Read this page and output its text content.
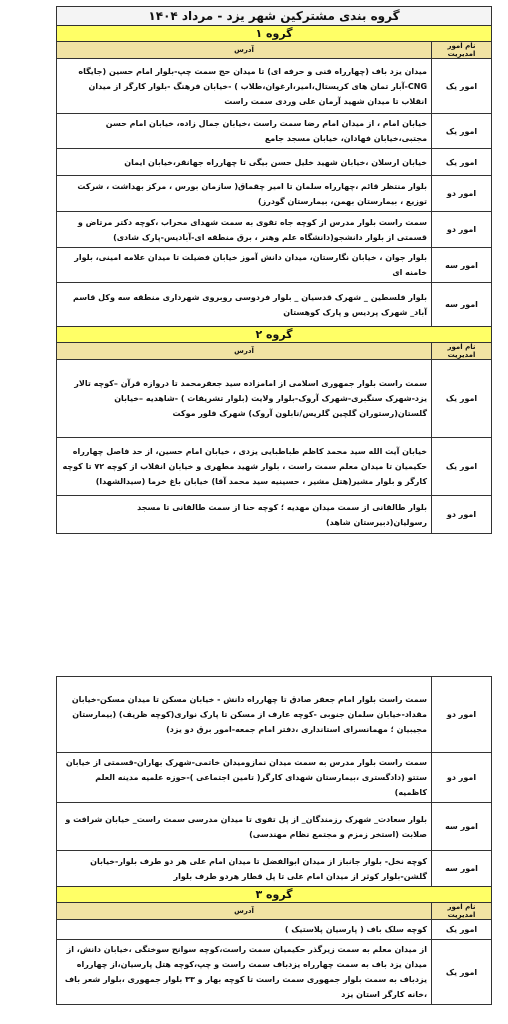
گروه بندی مشترکین شهر یزد - مرداد ۱۴۰۴	
گروه ۱	
نام امور امدیریت	آدرس
امور یک	میدان یزد باف (چهارراه فنی و حرفه ای) تا میدان حج سمت چپ-بلوار امام حسین (جایگاه CNG-آبار تمان های کریستال،امیر،ارغوان،طلاب ) -خیابان فرهنگ -بلوار کارگر از میدان انقلاب تا میدان شهید آرمان علی وردی سمت راست
امور یک	خیابان امام ، از میدان امام رضا سمت راست ،خیابان جمال زاده، خیابان امام حسن مجتبی،خیابان فهادان، خیابان مسجد جامع
امور یک	خیابان ارسلان ،خیابان شهید خلیل حسن بیگی تا چهارراه جهانقر،خیابان ایمان
امور دو	بلوار منتظر قائم ،چهارراه سلمان تا امیر چقماق( سازمان بورس ، مرکز بهداشت ، شرکت توزیع ، بیمارستان بهمن، بیمارستان گودرز)
امور دو	سمت راست بلوار مدرس از کوچه جاه تقوی به سمت شهدای محراب ،کوچه دکتر مرتاض و قسمتی از بلوار دانشجو(دانشگاه علم وهنر ، برق منطقه ای-آبادیس-پارک شادی)
امور سه	بلوار جوان ، خیابان نگارستان، میدان دانش آموز خیابان فضیلت تا میدان علامه امینی، بلوار خامنه ای
امور سه	بلوار فلسطین _ شهرک قدسیان _ بلوار فردوسی روبروی شهرداری منطقه سه وکل قاسم آباد_ شهرک پردیس و پارک کوهستان
گروه ۲	
نام امور امدیریت	آدرس
امور یک	سمت راست بلوار جمهوری اسلامی از امامزاده سید جعفرمحمد تا دروازه قرآن –کوچه تالار یزد-شهرک سنگبری-شهرک آروک-بلوار ولایت (بلوار تشریفات ) -شاهدیه –خیابان گلستان(رستوران گلچین گلریس/نابلون آروک) شهرک فلور موکت
امور یک	خیابان آیت الله سید محمد کاظم طباطبایی یزدی ، خیابان امام حسین، از حد فاصل چهارراه حکیمیان تا میدان معلم سمت راست ، بلوار شهید مطهری و خیابان انقلاب از کوچه ۷۲ تا کوچه کارگر و بلوار مشیر(هتل مشیر ، حسینیه سید محمد آقا) خیابان باغ خرما (سیدالشهدا)
امور دو	بلوار طالقانی از سمت میدان مهدیه ؛ کوچه حنا از سمت طالقانی تا مسجد رسولیان(دبیرستان شاهد)
امور دو	سمت راست بلوار امام جعفر صادق تا چهارراه دانش - خیابان مسکن تا میدان مسکن-خیابان مقداد-خیابان سلمان جنوبی -کوچه عارف از مسکن تا پارک نواری(کوچه ظریف) (بیمارستان مجیبیان ؛ مهمانسرای استانداری ،دفتر امام جمعه-امور برق دو یزد)
امور دو	سمت راست بلوار مدرس به سمت میدان نمازومیدان خاتمی-شهرک بهاران-قسمتی از خیابان ستتو (دادگستری ،بیمارستان شهدای کارگر( تامین اجتماعی )-حوزه علمیه مدینه العلم کاظمیه)
امور سه	بلوار سعادت_ شهرک رزمندگان_ از پل تقوی تا میدان مدرسی سمت راست_ خیابان شرافت و صلابت (استخر زمزم و مجتمع نظام مهندسی)
امور سه	کوچه نخل- بلوار جانباز از میدان ابوالفضل تا میدان امام علی هر دو طرف بلوار-خیابان گلشن-بلوار کوثر از میدان امام علی تا پل قطار هردو طرف بلوار
گروه ۳	
نام امور امدیریت	آدرس
امور یک	کوچه سلک باف ( پارسیان پلاستیک )
امور یک	از میدان معلم به سمت زیرگذر حکیمیان سمت راست،کوچه سوانح سوختگی ،خیابان دانش، از میدان یزد باف به سمت چهارراه یزدباف سمت راست و چپ،کوچه هتل پارسیان،از چهارراه یزدباف به سمت بلوار جمهوری سمت راست تا کوچه بهار و ۳۳ بلوار جمهوری ،بلوار شعر باف ،خانه کارگر استان یزد
